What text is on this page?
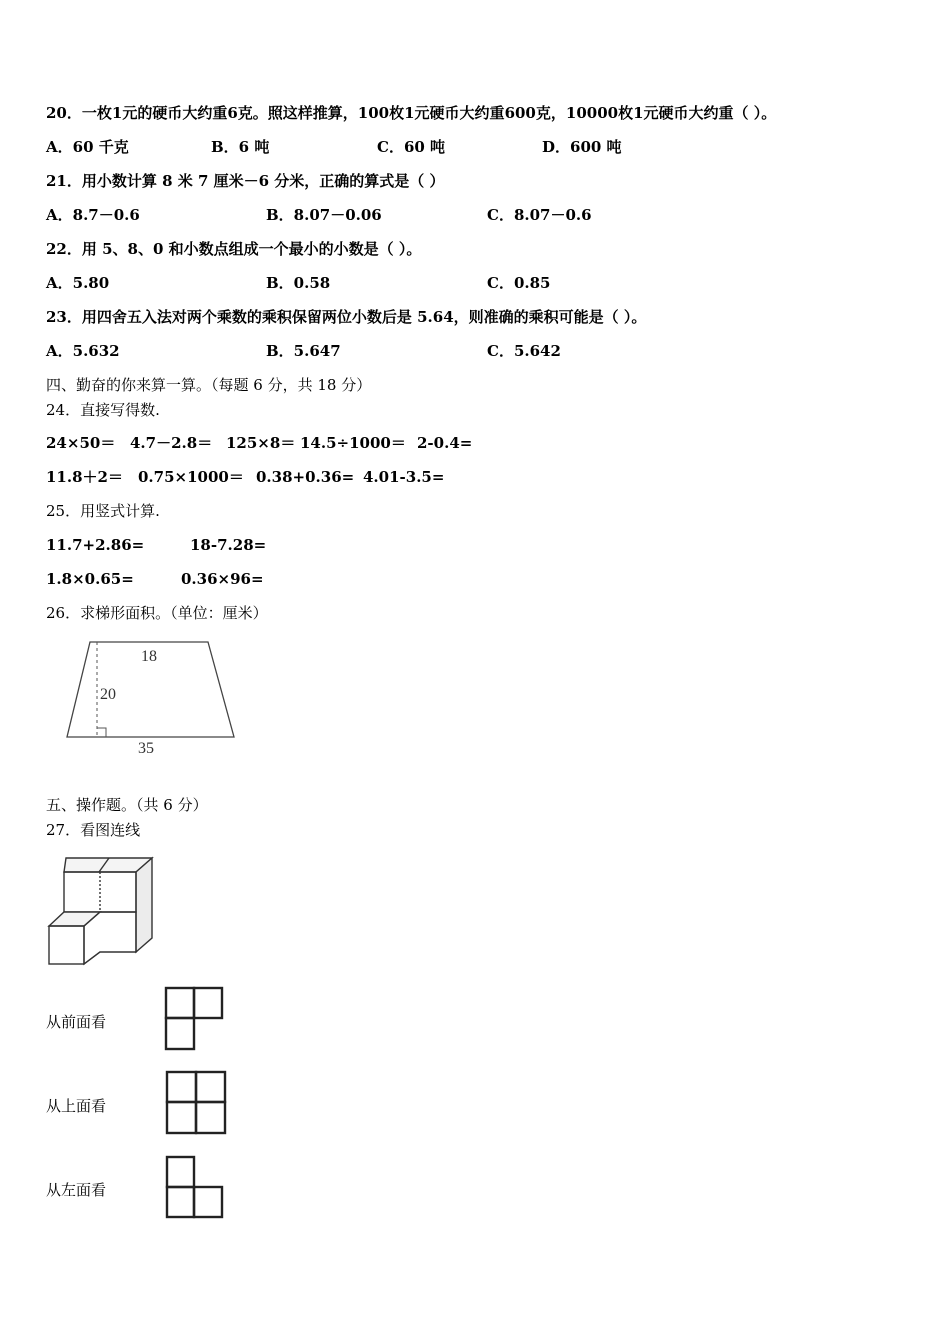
20．一枚1元的硬币大约重6克。照这样推算，100枚1元硬币大约重600克，10000枚1元硬币大约重（ ）。
A．60 千克	B．6 吨	C．60 吨	D．600 吨
21．用小数计算 8 米 7 厘米－6 分米，正确的算式是（ ）
A．8.7－0.6	B．8.07－0.06	C．8.07－0.6
22．用 5、8、0 和小数点组成一个最小的小数是（ ）。
A．5.80	B．0.58	C．0.85
23．用四舍五入法对两个乘数的乘积保留两位小数后是 5.64，则准确的乘积可能是（ ）。
A．5.632	B．5.647	C．5.642
四、勤奋的你来算一算。（每题 6 分，共 18 分）
24．直接写得数.
24×50＝ 4.7－2.8＝ 125×8＝ 14.5÷1000＝ 2-0.4=
11.8＋2＝ 0.75×1000＝ 0.38+0.36= 4.01-3.5=
25．用竖式计算.
11.7+2.86=	18-7.28=
1.8×0.65=	0.36×96=
26．求梯形面积。（单位：厘米）
18
20
35
五、操作题。（共 6 分）
27．看图连线
从前面看
从上面看
从左面看
